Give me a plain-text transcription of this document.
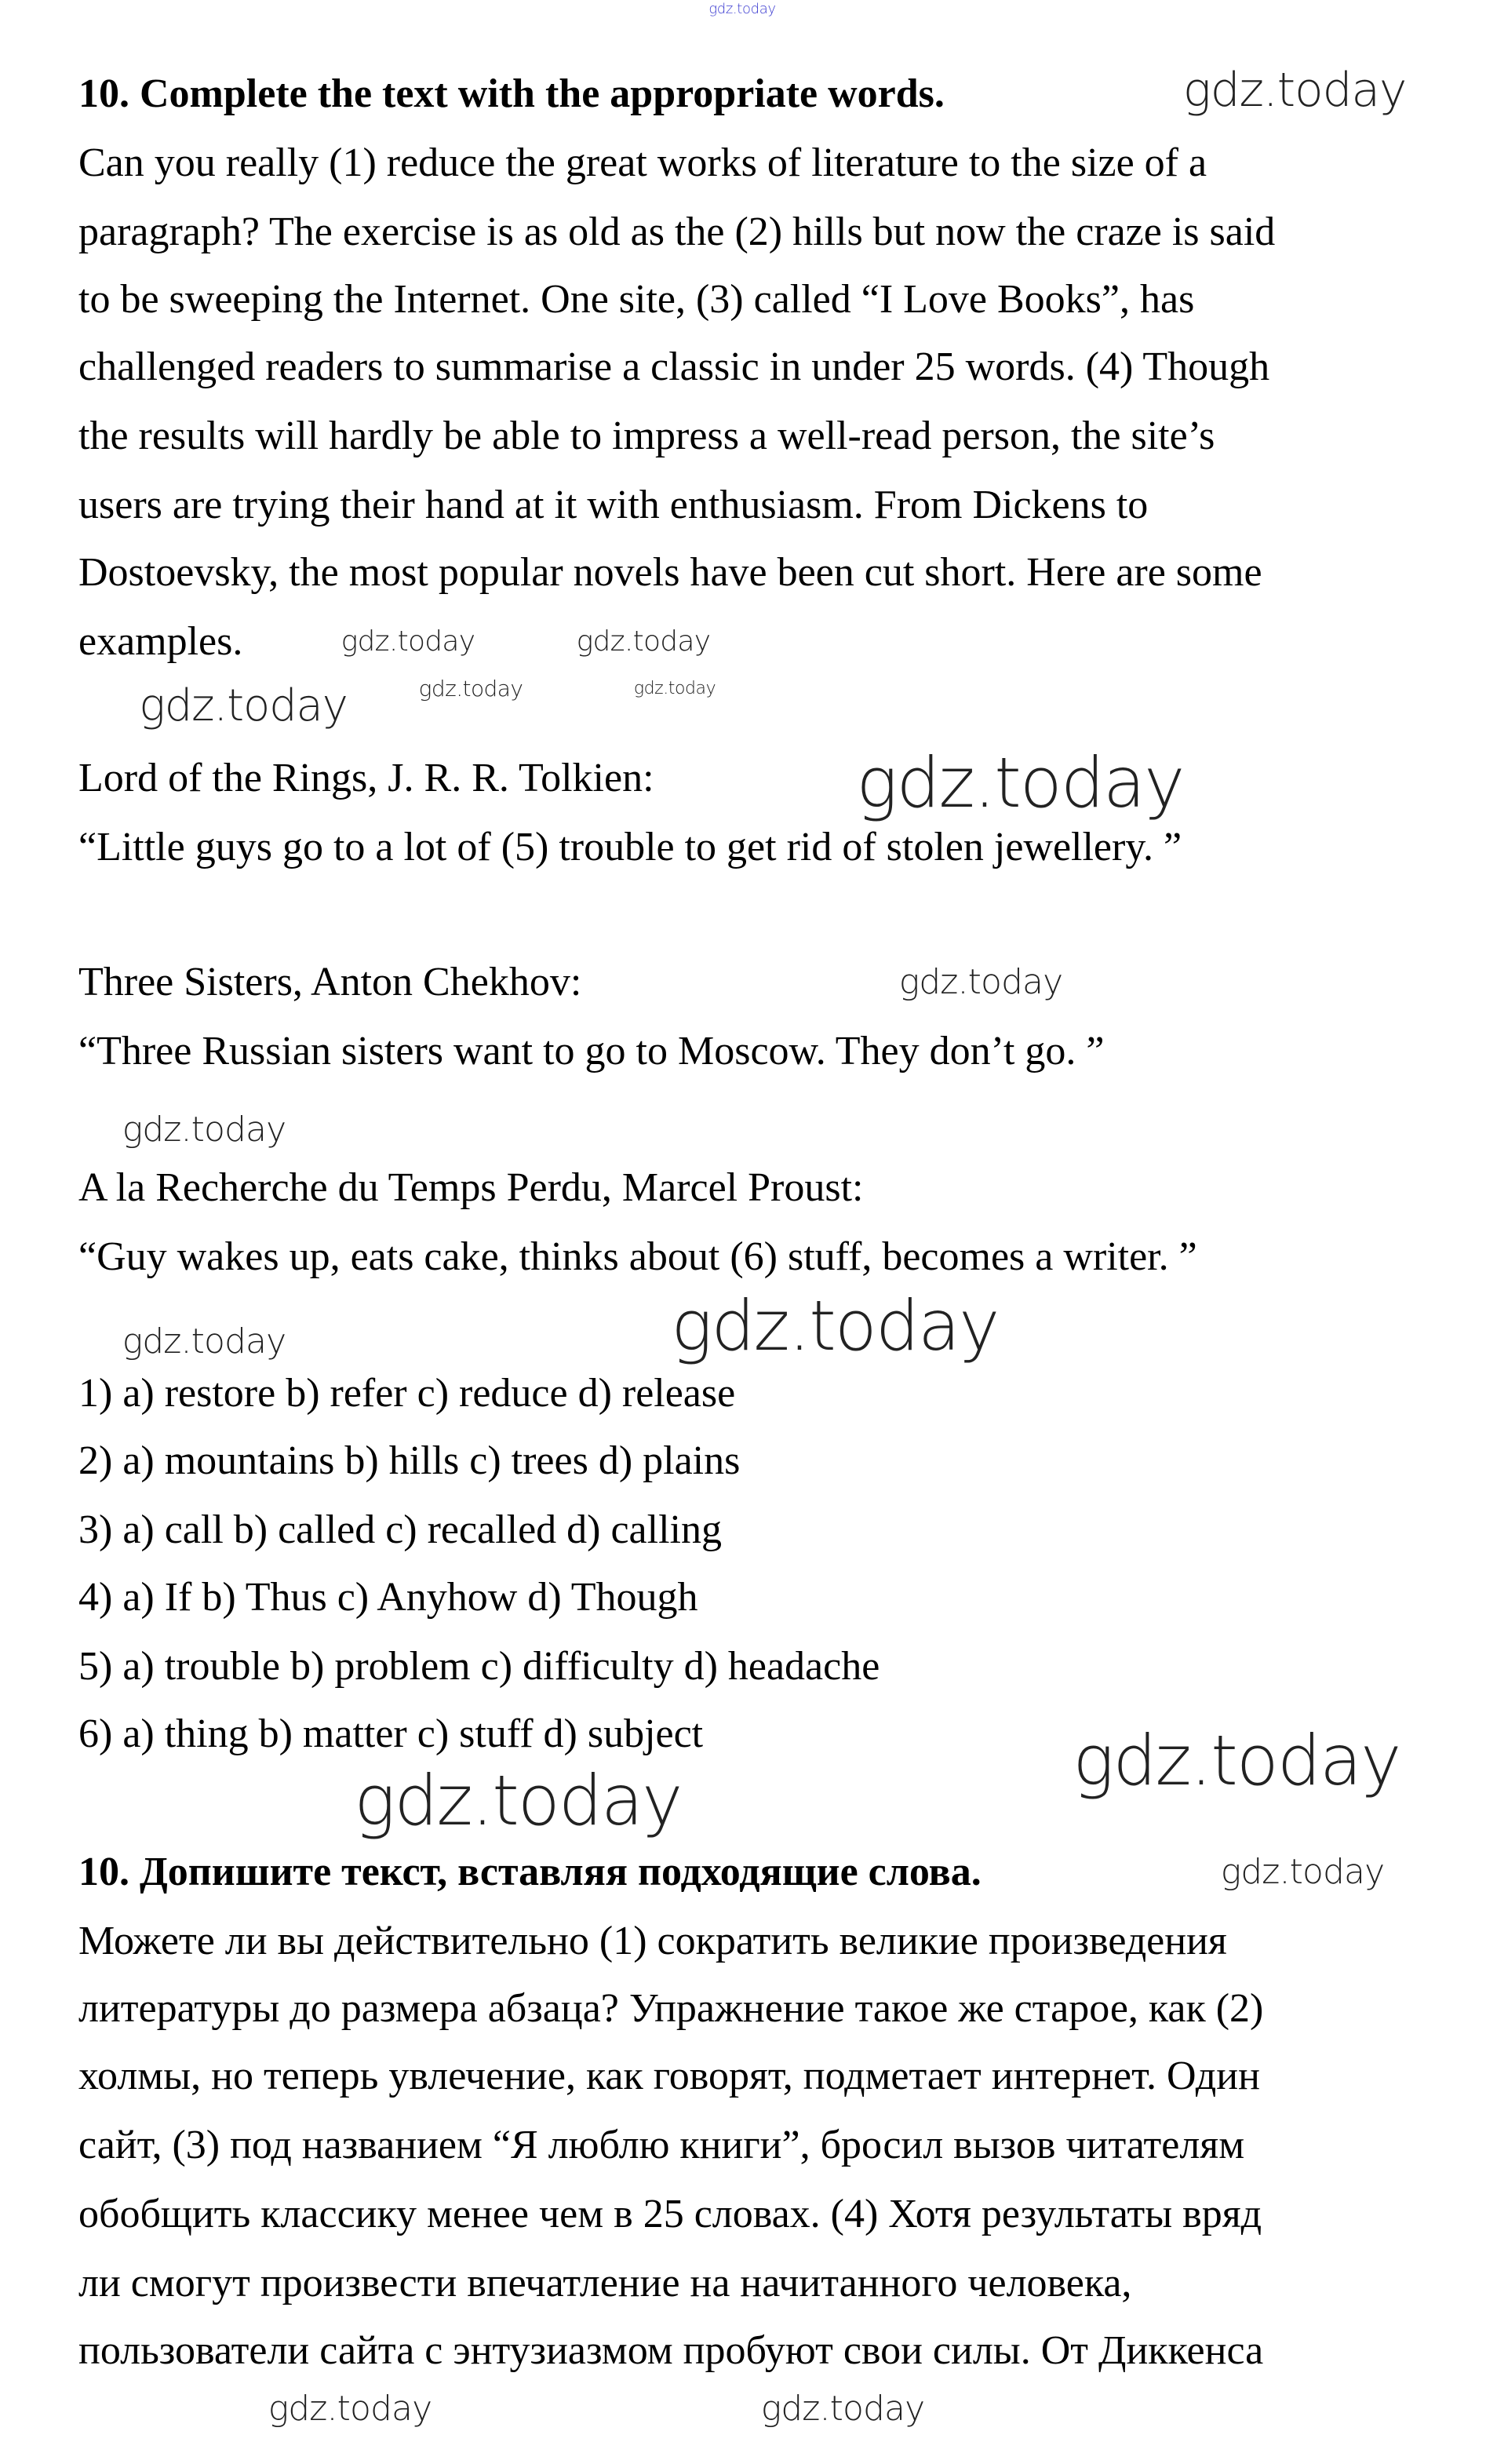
10. Complete the text with the appropriate words.
Can you really (1) reduce the great works of literature to the size of a
paragraph? The exercise is as old as the (2) hills but now the craze is said
to be sweeping the Internet. One site, (3) called “I Love Books”, has
challenged readers to summarise a classic in under 25 words. (4) Though
the results will hardly be able to impress a well-read person, the site’s
users are trying their hand at it with enthusiasm. From Dickens to
Dostoevsky, the most popular novels have been cut short. Here are some
examples.
Lord of the Rings, J. R. R. Tolkien:
“Little guys go to a lot of (5) trouble to get rid of stolen jewellery. ”
Three Sisters, Anton Chekhov:
“Three Russian sisters want to go to Moscow. They don’t go. ”
A la Recherche du Temps Perdu, Marcel Proust:
“Guy wakes up, eats cake, thinks about (6) stuff, becomes a writer. ”
1) a) restore b) refer c) reduce d) release
2) a) mountains b) hills c) trees d) plains
3) a) call b) called c) recalled d) calling
4) a) If b) Thus c) Anyhow d) Though
5) a) trouble b) problem c) difficulty d) headache
6) a) thing b) matter c) stuff d) subject
10. Допишите текст, вставляя подходящие слова.
Можете ли вы действительно (1) сократить великие произведения
литературы до размера абзаца? Упражнение такое же старое, как (2)
холмы, но теперь увлечение, как говорят, подметает интернет. Один
сайт, (3) под названием “Я люблю книги”, бросил вызов читателям
обобщить классику менее чем в 25 словах. (4) Хотя результаты вряд
ли смогут произвести впечатление на начитанного человека,
пользователи сайта с энтузиазмом пробуют свои силы. От Диккенса
gdz.today
gdz.today
gdz.today
gdz.today	gdz.today
gdz.today
gdz.today
gdz.today
gdz.today
gdz.today
gdz.today
gdz.today
gdz.today	gdz.today
gdz.today
gdz.today	gdz.today
